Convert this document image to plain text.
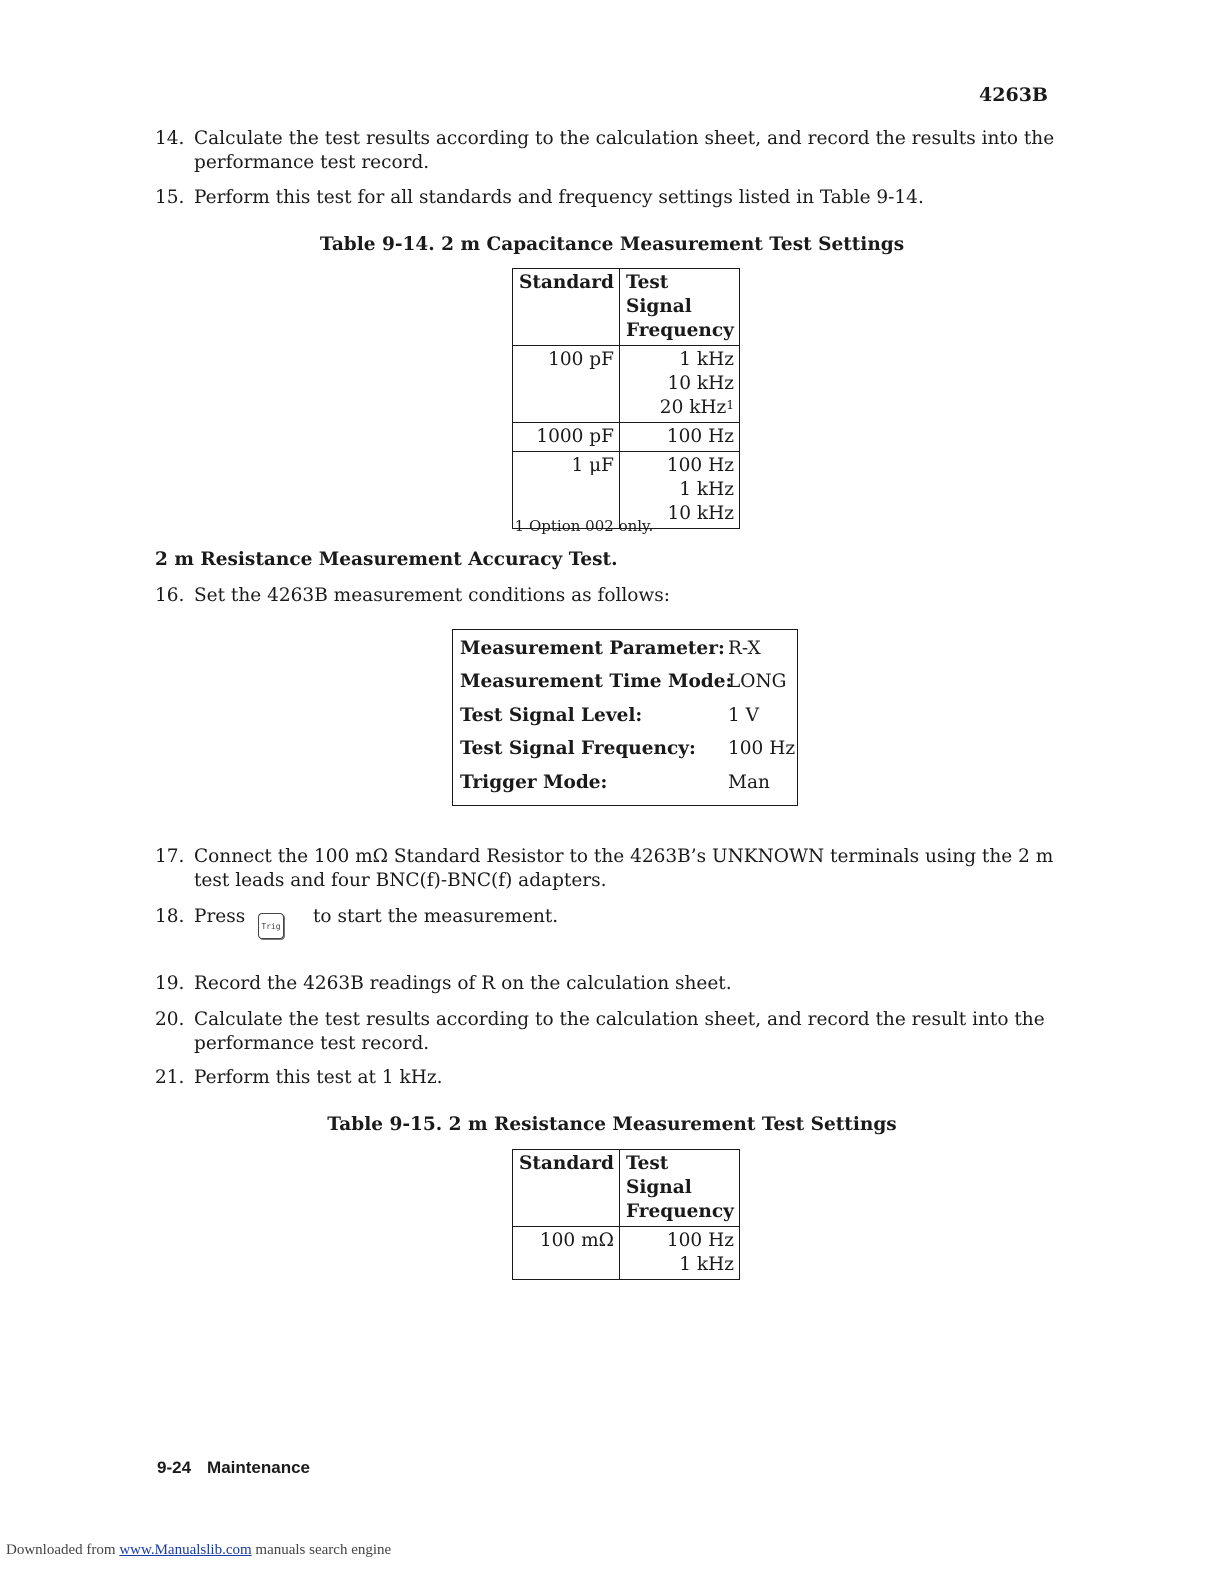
4263B
14. Calculate the test results according to the calculation sheet, and record the results into the performance test record.
15. Perform this test for all standards and frequency settings listed in Table 9-14.
Table 9-14. 2 m Capacitance Measurement Test Settings
Standard	Test Signal Frequency

100 pF	1 kHz
10 kHz
20 kHz$^1$

1000 pF	100 Hz

1 μF	100 Hz
1 kHz
10 kHz
1 Option 002 only.
2 m Resistance Measurement Accuracy Test.
16. Set the 4263B measurement conditions as follows:
Measurement Parameter: R-X
Measurement Time Mode:
LONG
Test Signal Level:	1 V
Test Signal Frequency: 100 Hz
Trigger Mode:	Man
17. Connect the 100 mΩ Standard Resistor to the 4263B’s UNKNOWN terminals using the 2 m test leads and four BNC(f)-BNC(f) adapters.
18. Press	Trig to start the measurement.
19. Record the 4263B readings of R on the calculation sheet.
20. Calculate the test results according to the calculation sheet, and record the result into the performance test record.
21. Perform this test at 1 kHz.
Table 9-15. 2 m Resistance Measurement Test Settings
Standard	Test Signal Frequency

100 mΩ	100 Hz
1 kHz
9-24 Maintenance
Downloaded from www.Manualslib.com manuals search engine
